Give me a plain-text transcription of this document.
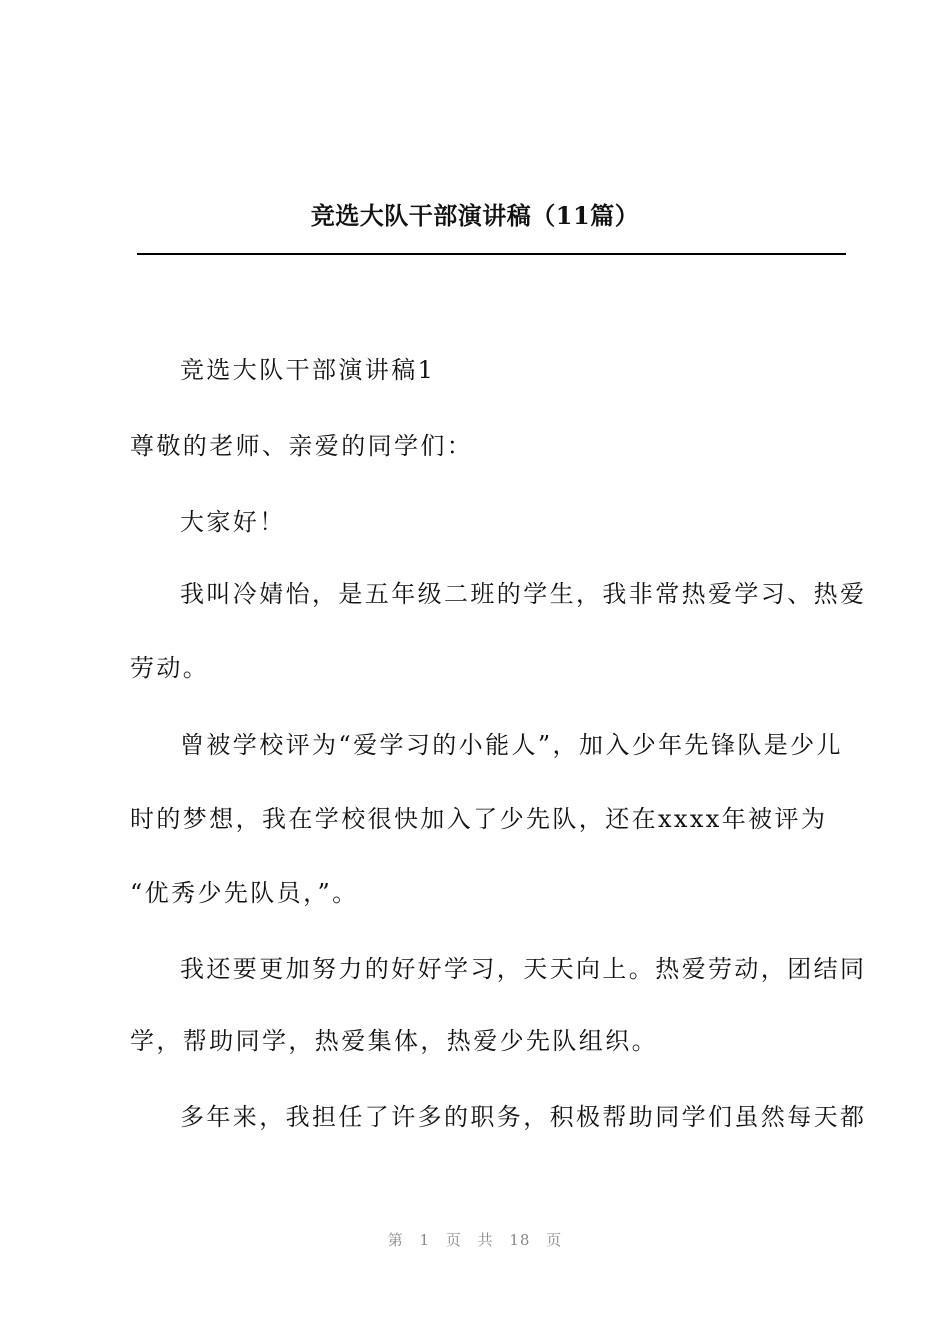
竞选大队干部演讲稿（11篇）
竞选大队干部演讲稿1
尊敬的老师、亲爱的同学们：
大家好！
我叫冷婧怡，是五年级二班的学生，我非常热爱学习、热爱
劳动。
曾被学校评为“爱学习的小能人”，加入少年先锋队是少儿
时的梦想，我在学校很快加入了少先队，还在xxxx年被评为
“优秀少先队员，”。
我还要更加努力的好好学习，天天向上。热爱劳动，团结同
学，帮助同学，热爱集体，热爱少先队组织。
多年来，我担任了许多的职务，积极帮助同学们虽然每天都
第 1 页 共 18 页
